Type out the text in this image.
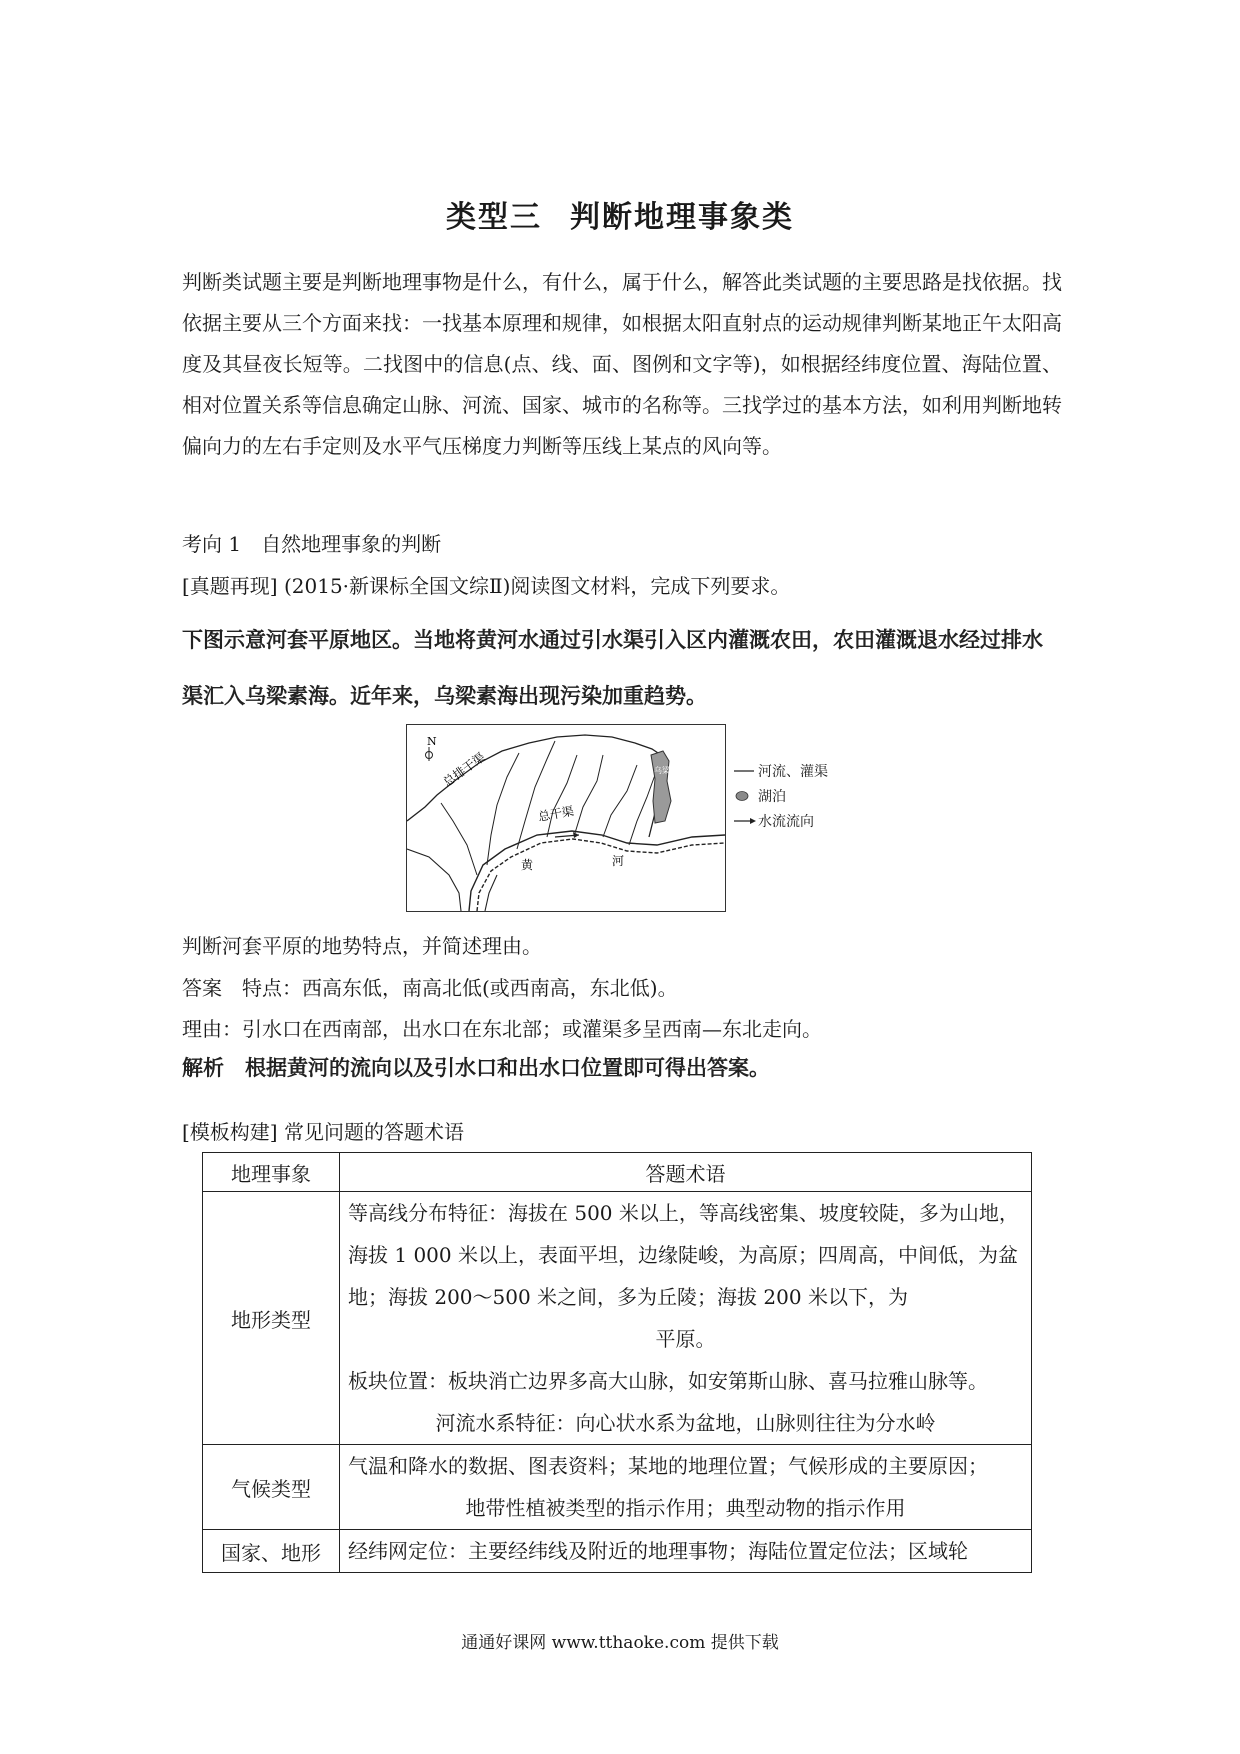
类型三 判断地理事象类

判断类试题主要是判断地理事物是什么，有什么，属于什么，解答此类试题的主要思路是找依据。找依据主要从三个方面来找：一找基本原理和规律，如根据太阳直射点的运动规律判断某地正午太阳高度及其昼夜长短等。二找图中的信息(点、线、面、图例和文字等)，如根据经纬度位置、海陆位置、相对位置关系等信息确定山脉、河流、国家、城市的名称等。三找学过的基本方法，如利用判断地转偏向力的左右手定则及水平气压梯度力判断等压线上某点的风向等。

考向 1　自然地理事象的判断

[真题再现] (2015·新课标全国文综Ⅱ)阅读图文材料，完成下列要求。

下图示意河套平原地区。当地将黄河水通过引水渠引入区内灌溉农田，农田灌溉退水经过排水渠汇入乌梁素海。近年来，乌梁素海出现污染加重趋势。

N
乌梁素海
总排干渠
总干渠
黄	河
河流、灌渠
湖泊
水流流向

判断河套平原的地势特点，并简述理由。

答案　 特点：西高东低，南高北低(或西南高，东北低)。

理由：引水口在西南部，出水口在东北部；或灌渠多呈西南—东北走向。

解析　 根据黄河的流向以及引水口和出水口位置即可得出答案。

[模板构建] 常见问题的答题术语

地理事象	答题术语
地形类型	等高线分布特征：海拔在 500 米以上，等高线密集、坡度较陡，多为山地，海拔 1 000 米以上，表面平坦，边缘陡峻，为高原；四周高，中间低，为盆地；海拔 200～500 米之间，多为丘陵；海拔 200 米以下，为

平原。

板块位置：板块消亡边界多高大山脉，如安第斯山脉、喜马拉雅山脉等。

河流水系特征：向心状水系为盆地，山脉则往往为分水岭

气候类型	气温和降水的数据、图表资料；某地的地理位置；气候形成的主要原因；

地带性植被类型的指示作用；典型动物的指示作用

国家、地形	经纬网定位：主要经纬线及附近的地理事物；海陆位置定位法；区域轮

通通好课网 www.tthaoke.com 提供下载
